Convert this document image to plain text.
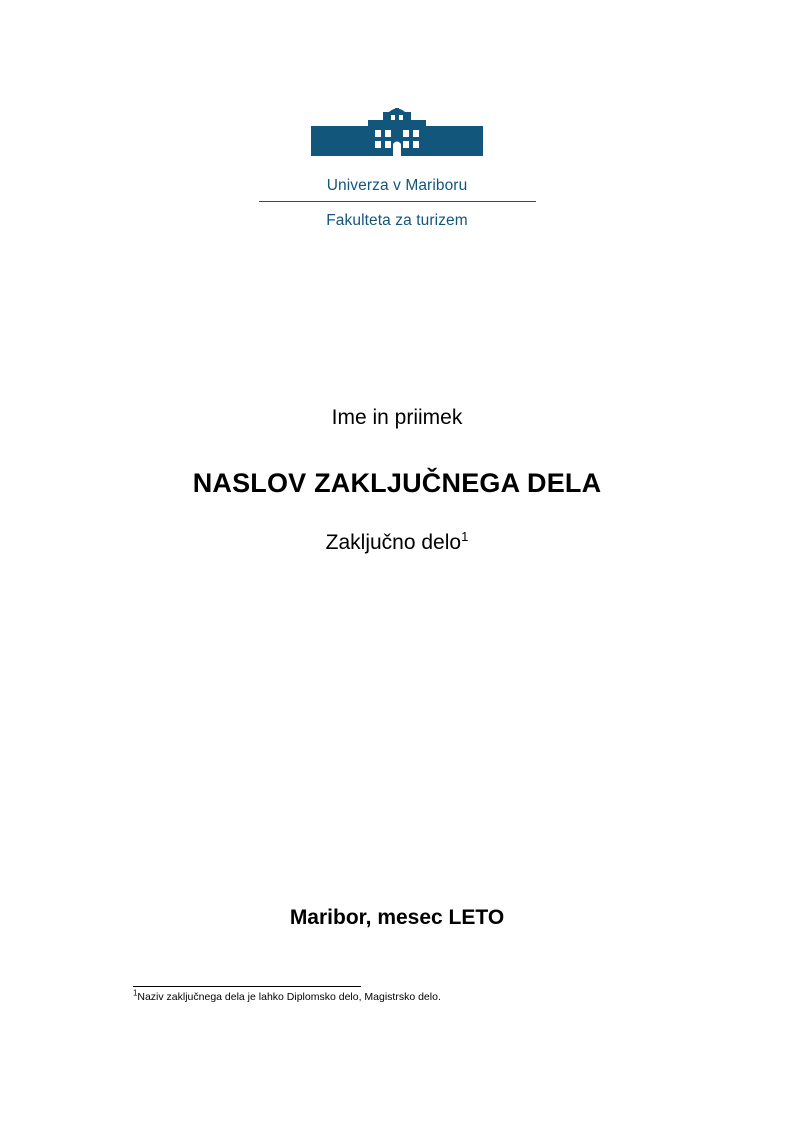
Univerza v Mariboru
Fakulteta za turizem
Ime in priimek
NASLOV ZAKLJUČNEGA DELA
Zaključno delo$^1$
Maribor, mesec LETO
$^1$Naziv zaključnega dela je lahko Diplomsko delo, Magistrsko delo.
